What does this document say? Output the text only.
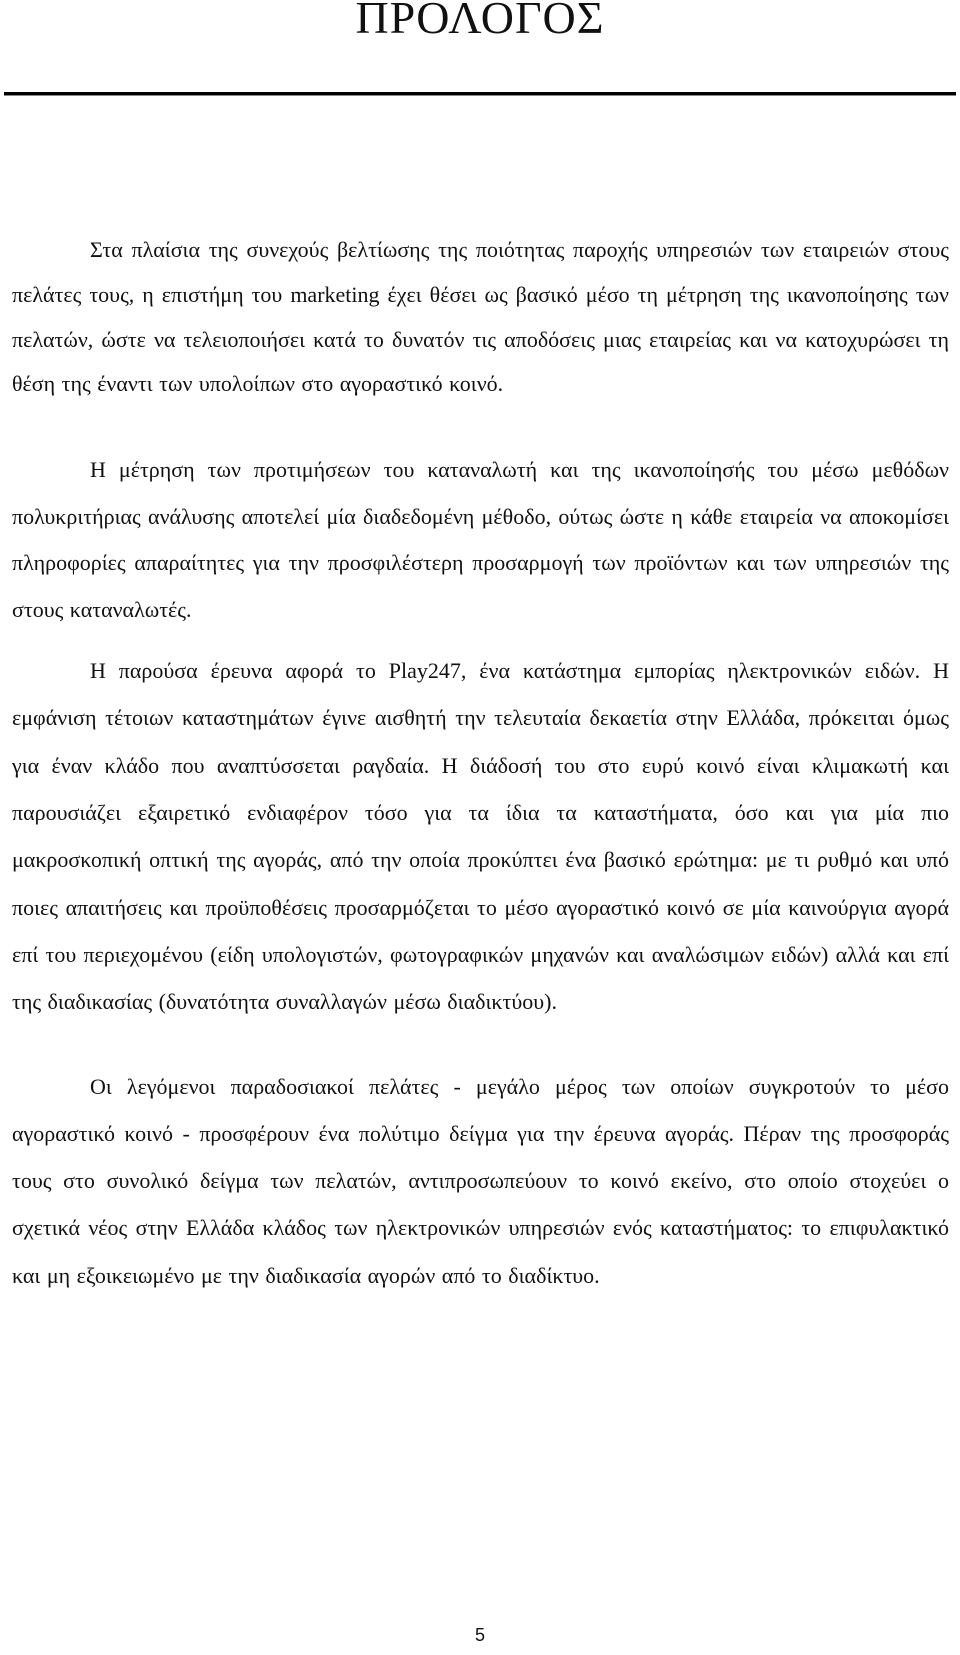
ΠΡΟΛΟΓΟΣ

Στα πλαίσια της συνεχούς βελτίωσης της ποιότητας παροχής υπηρεσιών των εταιρειών στους πελάτες τους, η επιστήμη του marketing έχει θέσει ως βασικό μέσο τη μέτρηση της ικανοποίησης των πελατών, ώστε να τελειοποιήσει κατά το δυνατόν τις αποδόσεις μιας εταιρείας και να κατοχυρώσει τη θέση της έναντι των υπολοίπων στο αγοραστικό κοινό.

Η μέτρηση των προτιμήσεων του καταναλωτή και της ικανοποίησής του μέσω μεθόδων πολυκριτήριας ανάλυσης αποτελεί μία διαδεδομένη μέθοδο, ούτως ώστε η κάθε εταιρεία να αποκομίσει πληροφορίες απαραίτητες για την προσφιλέστερη προσαρμογή των προϊόντων και των υπηρεσιών της στους καταναλωτές.

Η παρούσα έρευνα αφορά το Play247, ένα κατάστημα εμπορίας ηλεκτρονικών ειδών. Η εμφάνιση τέτοιων καταστημάτων έγινε αισθητή την τελευταία δεκαετία στην Ελλάδα, πρόκειται όμως για έναν κλάδο που αναπτύσσεται ραγδαία. Η διάδοσή του στο ευρύ κοινό είναι κλιμακωτή και παρουσιάζει εξαιρετικό ενδιαφέρον τόσο για τα ίδια τα καταστήματα, όσο και για μία πιο μακροσκοπική οπτική της αγοράς, από την οποία προκύπτει ένα βασικό ερώτημα: με τι ρυθμό και υπό ποιες απαιτήσεις και προϋποθέσεις προσαρμόζεται το μέσο αγοραστικό κοινό σε μία καινούργια αγορά επί του περιεχομένου (είδη υπολογιστών, φωτογραφικών μηχανών και αναλώσιμων ειδών) αλλά και επί της διαδικασίας (δυνατότητα συναλλαγών μέσω διαδικτύου).

Οι λεγόμενοι παραδοσιακοί πελάτες - μεγάλο μέρος των οποίων συγκροτούν το μέσο αγοραστικό κοινό - προσφέρουν ένα πολύτιμο δείγμα για την έρευνα αγοράς. Πέραν της προσφοράς τους στο συνολικό δείγμα των πελατών, αντιπροσωπεύουν το κοινό εκείνο, στο οποίο στοχεύει ο σχετικά νέος στην Ελλάδα κλάδος των ηλεκτρονικών υπηρεσιών ενός καταστήματος: το επιφυλακτικό και μη εξοικειωμένο με την διαδικασία αγορών από το διαδίκτυο.

5
